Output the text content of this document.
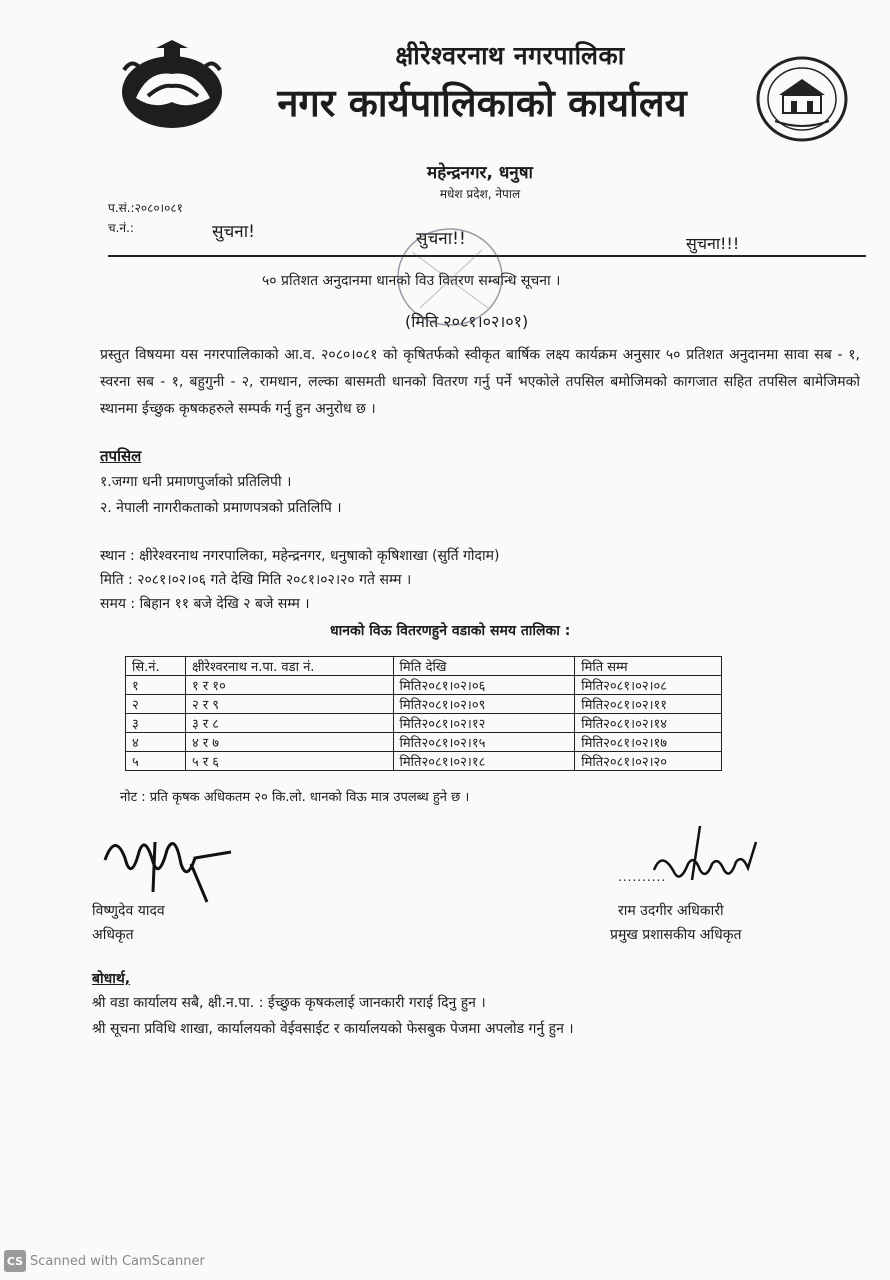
क्षीरेश्वरनाथ नगरपालिका
नगर कार्यपालिकाको कार्यालय
महेन्द्रनगर, धनुषा
मधेश प्रदेश, नेपाल
प.सं.:२०८०।०८१
च.नं.:	सुचना!	सुचना!!	सुचना!!!
५० प्रतिशत अनुदानमा धानको विउ वितरण सम्बन्धि सूचना ।
(मिति २०८१।०२।०१)
प्रस्तुत विषयमा यस नगरपालिकाको आ.व. २०८०।०८१ को कृषितर्फको स्वीकृत बार्षिक लक्ष्य कार्यक्रम अनुसार ५० प्रतिशत अनुदानमा सावा सब - १, स्वरना सब - १, बहुगुनी - २, रामधान, लल्का बासमती धानको वितरण गर्नु पर्ने भएकोले तपसिल बमोजिमको कागजात सहित तपसिल बामेजिमको स्थानमा ईच्छुक कृषकहरुले सम्पर्क गर्नु हुन अनुरोध छ ।
तपसिल
१.जग्गा धनी प्रमाणपुर्जाको प्रतिलिपी ।
२. नेपाली नागरीकताको प्रमाणपत्रको प्रतिलिपि ।
स्थान : क्षीरेश्वरनाथ नगरपालिका, महेन्द्रनगर, धनुषाको कृषिशाखा (सुर्ति गोदाम)
मिति : २०८१।०२।०६ गते देखि मिति २०८१।०२।२० गते सम्म ।
समय : बिहान ११ बजे देखि २ बजे सम्म ।
धानको विऊ वितरणहुने वडाको समय तालिका :
सि.नं.	क्षीरेश्वरनाथ न.पा. वडा नं.	मिति देखि	मिति सम्म
१	१ र १०	मिति२०८१।०२।०६	मिति२०८१।०२।०८
२	२ र ९	मिति२०८१।०२।०९	मिति२०८१।०२।११
३	३ र ८	मिति२०८१।०२।१२	मिति२०८१।०२।१४
४	४ र ७	मिति२०८१।०२।१५	मिति२०८१।०२।१७
५	५ र ६	मिति२०८१।०२।१८	मिति२०८१।०२।२०
नोट : प्रति कृषक अधिकतम २० कि.लो. धानको विऊ मात्र उपलब्ध हुने छ ।
..........
विष्णुदेव यादव
अधिकृत
राम उदगीर अधिकारी
प्रमुख प्रशासकीय अधिकृत
बोधार्थ,
श्री वडा कार्यालय सबै, क्षी.न.पा. : ईच्छुक कृषकलाई जानकारी गराई दिनु हुन ।
श्री सूचना प्रविधि शाखा, कार्यालयको वेईवसाईट र कार्यालयको फेसबुक पेजमा अपलोड गर्नु हुन ।
CS Scanned with CamScanner
